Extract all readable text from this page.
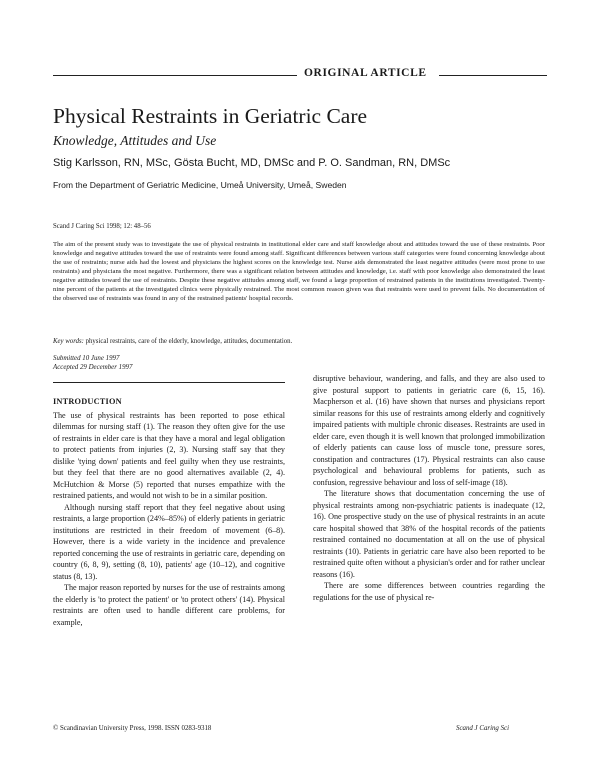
ORIGINAL ARTICLE
Physical Restraints in Geriatric Care
Knowledge, Attitudes and Use
Stig Karlsson, RN, MSc, Gösta Bucht, MD, DMSc and P. O. Sandman, RN, DMSc
From the Department of Geriatric Medicine, Umeå University, Umeå, Sweden
Scand J Caring Sci 1998; 12: 48–56
The aim of the present study was to investigate the use of physical restraints in institutional elder care and staff knowledge about and attitudes toward the use of these restraints. Poor knowledge and negative attitudes toward the use of restraints were found among staff. Significant differences between various staff categories were found concerning knowledge about the use of restraints; nurse aids had the lowest and physicians the highest scores on the knowledge test. Nurse aids demonstrated the least negative attitudes (were most prone to use restraints) and physicians the most negative. Furthermore, there was a significant relation between attitudes and knowledge, i.e. staff with poor knowledge also demonstrated the least negative attitudes toward the use of restraints. Despite these negative attitudes among staff, we found a large proportion of restrained patients in the institutions investigated. Twenty-nine percent of the patients at the investigated clinics were physically restrained. The most common reason given was that restraints were used to prevent falls. No documentation of the observed use of restraints was found in any of the restrained patients' hospital records.
Key words: physical restraints, care of the elderly, knowledge, attitudes, documentation.
Submitted 10 June 1997
Accepted 29 December 1997
INTRODUCTION

The use of physical restraints has been reported to pose ethical dilemmas for nursing staff (1). The reason they often give for the use of restraints in elder care is that they have a moral and legal obligation to protect patients from injuries (2, 3). Nursing staff say that they dislike 'tying down' patients and feel guilty when they use restraints, but they feel that there are no good alternatives available (2, 4). McHutchion & Morse (5) reported that nurses empathize with the restrained patients, and would not wish to be in a similar position.

Although nursing staff report that they feel negative about using restraints, a large proportion (24%–85%) of elderly patients in geriatric institutions are restricted in their freedom of movement (6–8). However, there is a wide variety in the incidence and prevalence reported concerning the use of restraints in geriatric care, depending on country (6, 8, 9), setting (8, 10), patients' age (10–12), and cognitive status (8, 13).

The major reason reported by nurses for the use of restraints among the elderly is 'to protect the patient' or 'to protect others' (14). Physical restraints are often used to handle different care problems, for example,

disruptive behaviour, wandering, and falls, and they are also used to give postural support to patients in geriatric care (6, 15, 16). Macpherson et al. (16) have shown that nurses and physicians report similar reasons for this use of restraints among elderly and cognitively impaired patients with multiple chronic diseases. Restraints are used in elder care, even though it is well known that prolonged immobilization of elderly patients can cause loss of muscle tone, pressure sores, constipation and contractures (17). Physical restraints can also cause psychological and behavioural problems for patients, such as confusion, regressive behaviour and loss of self-image (18).

The literature shows that documentation concerning the use of physical restraints among non-psychiatric patients is inadequate (12, 16). One prospective study on the use of physical restraints in an acute care hospital showed that 38% of the hospital records of the patients restrained contained no documentation at all on the use of physical restraints (10). Patients in geriatric care have also been reported to be restrained quite often without a physician's order and for rather unclear reasons (16).

There are some differences between countries regarding the regulations for the use of physical re-

© Scandinavian University Press, 1998. ISSN 0283-9318	Scand J Caring Sci
